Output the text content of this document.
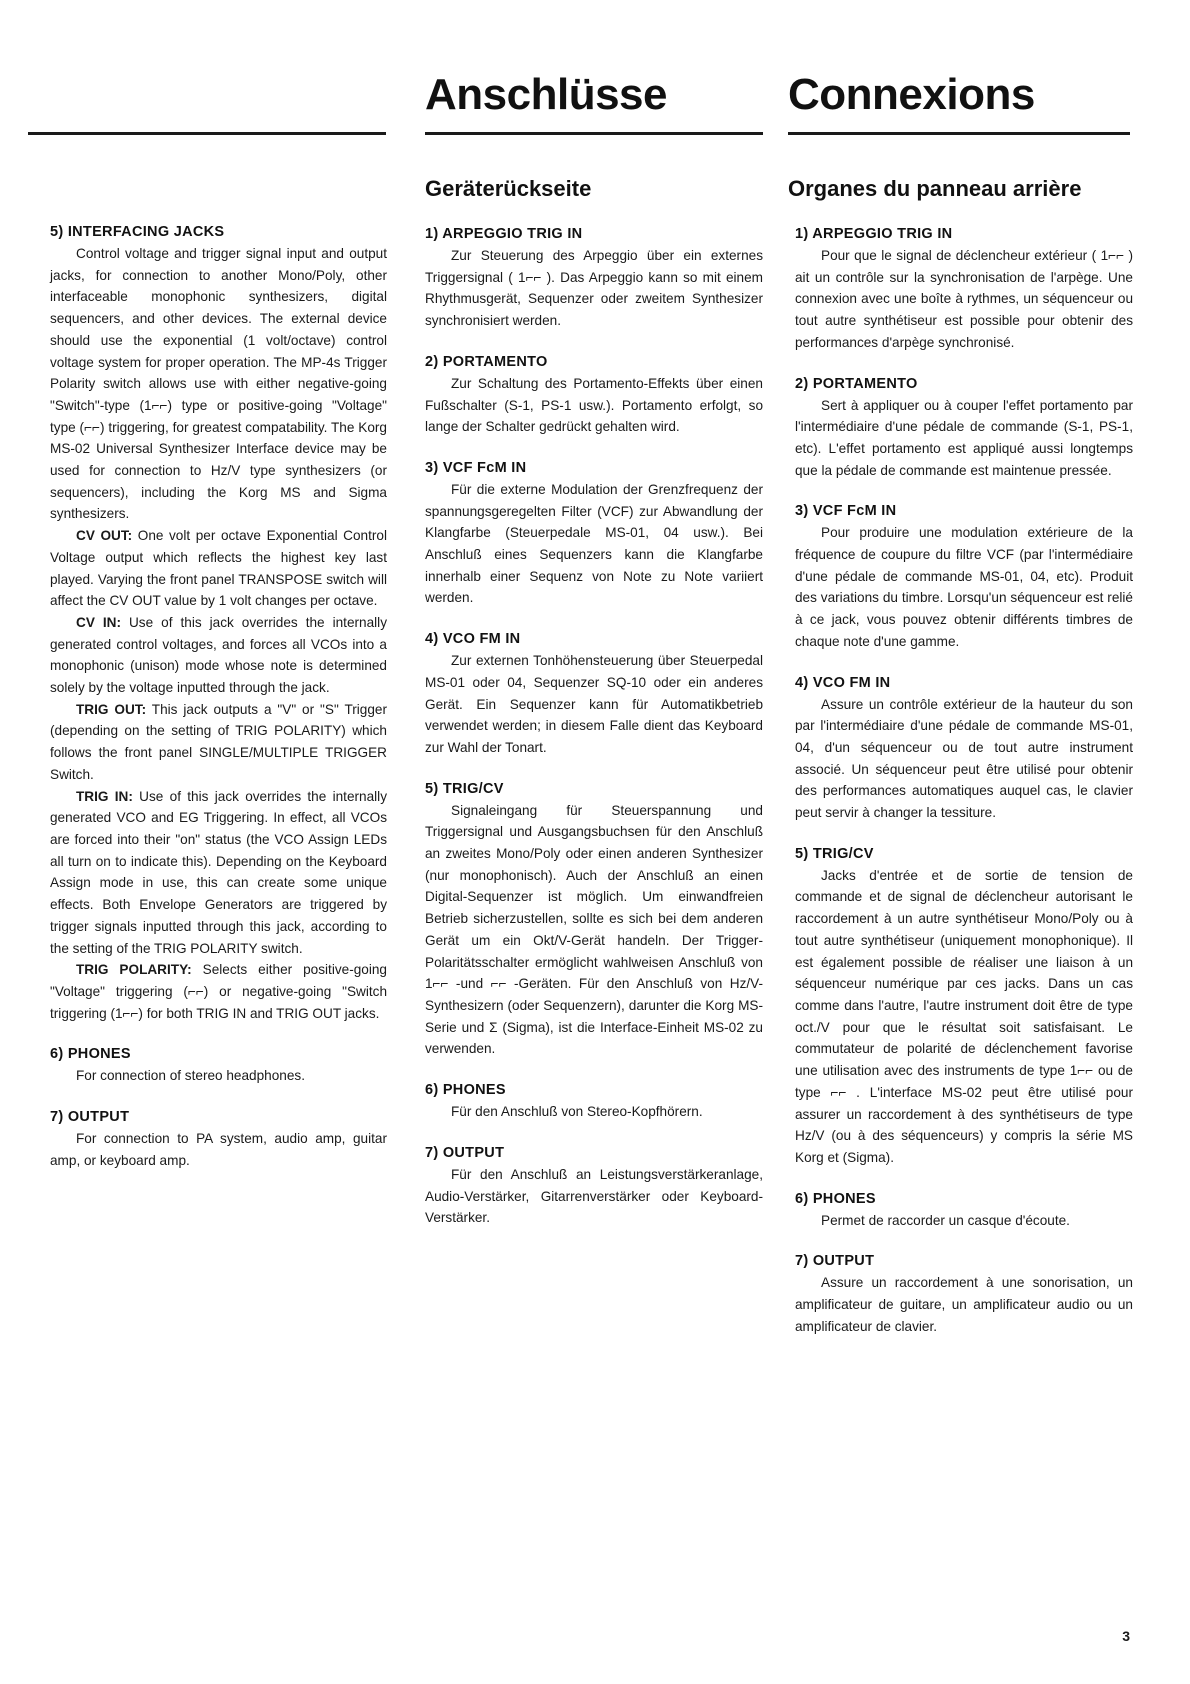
Anschlüsse	Connexions
5) INTERFACING JACKS

Control voltage and trigger signal input and output jacks, for connection to another Mono/Poly, other interfaceable monophonic synthesizers, digital sequencers, and other devices. The external device should use the exponential (1 volt/octave) control voltage system for proper operation. The MP-4s Trigger Polarity switch allows use with either negative-going "Switch"-type (1⌐⌐) type or positive-going "Voltage" type (⌐⌐) triggering, for greatest compatability. The Korg MS-02 Universal Synthesizer Interface device may be used for connection to Hz/V type synthesizers (or sequencers), including the Korg MS and Sigma synthesizers.

CV OUT: One volt per octave Exponential Control Voltage output which reflects the highest key last played. Varying the front panel TRANSPOSE switch will affect the CV OUT value by 1 volt changes per octave.

CV IN: Use of this jack overrides the internally generated control voltages, and forces all VCOs into a monophonic (unison) mode whose note is determined solely by the voltage inputted through the jack.

TRIG OUT: This jack outputs a "V" or "S" Trigger (depending on the setting of TRIG POLARITY) which follows the front panel SINGLE/MULTIPLE TRIGGER Switch.

TRIG IN: Use of this jack overrides the internally generated VCO and EG Triggering. In effect, all VCOs are forced into their "on" status (the VCO Assign LEDs all turn on to indicate this). Depending on the Keyboard Assign mode in use, this can create some unique effects. Both Envelope Generators are triggered by trigger signals inputted through this jack, according to the setting of the TRIG POLARITY switch.

TRIG POLARITY: Selects either positive-going "Voltage" triggering (⌐⌐) or negative-going "Switch triggering (1⌐⌐) for both TRIG IN and TRIG OUT jacks.

6) PHONES

For connection of stereo headphones.

7) OUTPUT

For connection to PA system, audio amp, guitar amp, or keyboard amp.

Geräterückseite
1) ARPEGGIO TRIG IN

Zur Steuerung des Arpeggio über ein externes Triggersignal ( 1⌐⌐ ). Das Arpeggio kann so mit einem Rhythmusgerät, Sequenzer oder zweitem Synthesizer synchronisiert werden.

2) PORTAMENTO

Zur Schaltung des Portamento-Effekts über einen Fußschalter (S-1, PS-1 usw.). Portamento erfolgt, so lange der Schalter gedrückt gehalten wird.

3) VCF FcM IN

Für die externe Modulation der Grenzfrequenz der spannungsgeregelten Filter (VCF) zur Abwandlung der Klangfarbe (Steuerpedale MS-01, 04 usw.). Bei Anschluß eines Sequenzers kann die Klangfarbe innerhalb einer Sequenz von Note zu Note variiert werden.

4) VCO FM IN

Zur externen Tonhöhensteuerung über Steuerpedal MS-01 oder 04, Sequenzer SQ-10 oder ein anderes Gerät. Ein Sequenzer kann für Automatikbetrieb verwendet werden; in diesem Falle dient das Keyboard zur Wahl der Tonart.

5) TRIG/CV

Signaleingang für Steuerspannung und Triggersignal und Ausgangsbuchsen für den Anschluß an zweites Mono/Poly oder einen anderen Synthesizer (nur monophonisch). Auch der Anschluß an einen Digital-Sequenzer ist möglich. Um einwandfreien Betrieb sicherzustellen, sollte es sich bei dem anderen Gerät um ein Okt/V-Gerät handeln. Der Trigger-Polaritätsschalter ermöglicht wahlweisen Anschluß von 1⌐⌐ -und ⌐⌐ -Geräten. Für den Anschluß von Hz/V-Synthesizern (oder Sequenzern), darunter die Korg MS-Serie und Σ (Sigma), ist die Interface-Einheit MS-02 zu verwenden.

6) PHONES

Für den Anschluß von Stereo-Kopfhörern.

7) OUTPUT

Für den Anschluß an Leistungsverstärkeranlage, Audio-Verstärker, Gitarrenverstärker oder Keyboard-Verstärker.

Organes du panneau arrière
1) ARPEGGIO TRIG IN

Pour que le signal de déclencheur extérieur ( 1⌐⌐ ) ait un contrôle sur la synchronisation de l'arpège. Une connexion avec une boîte à rythmes, un séquenceur ou tout autre synthétiseur est possible pour obtenir des performances d'arpège synchronisé.

2) PORTAMENTO

Sert à appliquer ou à couper l'effet portamento par l'intermédiaire d'une pédale de commande (S-1, PS-1, etc). L'effet portamento est appliqué aussi longtemps que la pédale de commande est maintenue pressée.

3) VCF FcM IN

Pour produire une modulation extérieure de la fréquence de coupure du filtre VCF (par l'intermédiaire d'une pédale de commande MS-01, 04, etc). Produit des variations du timbre. Lorsqu'un séquenceur est relié à ce jack, vous pouvez obtenir différents timbres de chaque note d'une gamme.

4) VCO FM IN

Assure un contrôle extérieur de la hauteur du son par l'intermédiaire d'une pédale de commande MS-01, 04, d'un séquenceur ou de tout autre instrument associé. Un séquenceur peut être utilisé pour obtenir des performances automatiques auquel cas, le clavier peut servir à changer la tessiture.

5) TRIG/CV

Jacks d'entrée et de sortie de tension de commande et de signal de déclencheur autorisant le raccordement à un autre synthétiseur Mono/Poly ou à tout autre synthétiseur (uniquement monophonique). Il est également possible de réaliser une liaison à un séquenceur numérique par ces jacks. Dans un cas comme dans l'autre, l'autre instrument doit être de type oct./V pour que le résultat soit satisfaisant. Le commutateur de polarité de déclenchement favorise une utilisation avec des instruments de type 1⌐⌐ ou de type ⌐⌐ . L'interface MS-02 peut être utilisé pour assurer un raccordement à des synthétiseurs de type Hz/V (ou à des séquenceurs) y compris la série MS Korg et (Sigma).

6) PHONES

Permet de raccorder un casque d'écoute.

7) OUTPUT

Assure un raccordement à une sonorisation, un amplificateur de guitare, un amplificateur audio ou un amplificateur de clavier.

3
